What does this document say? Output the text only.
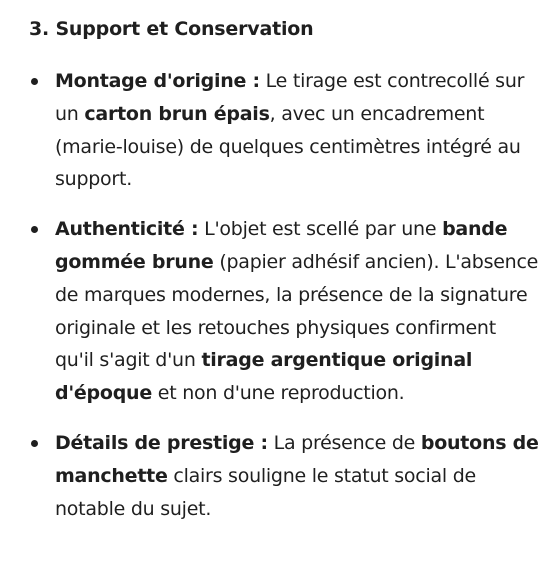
3. Support et Conservation
Montage d'origine : Le tirage est contrecollé sur un carton brun épais, avec un encadrement (marie-louise) de quelques centimètres intégré au support.
Authenticité : L'objet est scellé par une bande gommée brune (papier adhésif ancien). L'absence de marques modernes, la présence de la signature originale et les retouches physiques confirment qu'il s'agit d'un tirage argentique original d'époque et non d'une reproduction.
Détails de prestige : La présence de boutons de manchette clairs souligne le statut social de notable du sujet.
